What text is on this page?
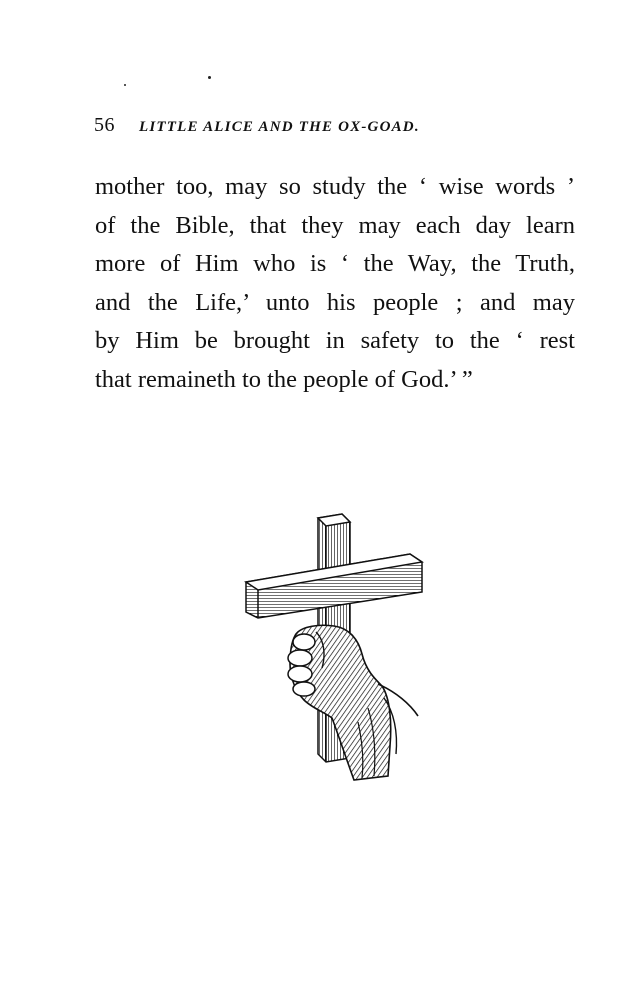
56 LITTLE ALICE AND THE OX-GOAD.
mother too, may so study the ‘ wise words ’
of the Bible, that they may each day learn
more of Him who is ‘ the Way, the Truth,
and the Life,’ unto his people ; and may
by Him be brought in safety to the ‘ rest
that remaineth to the people of God.’ ”
